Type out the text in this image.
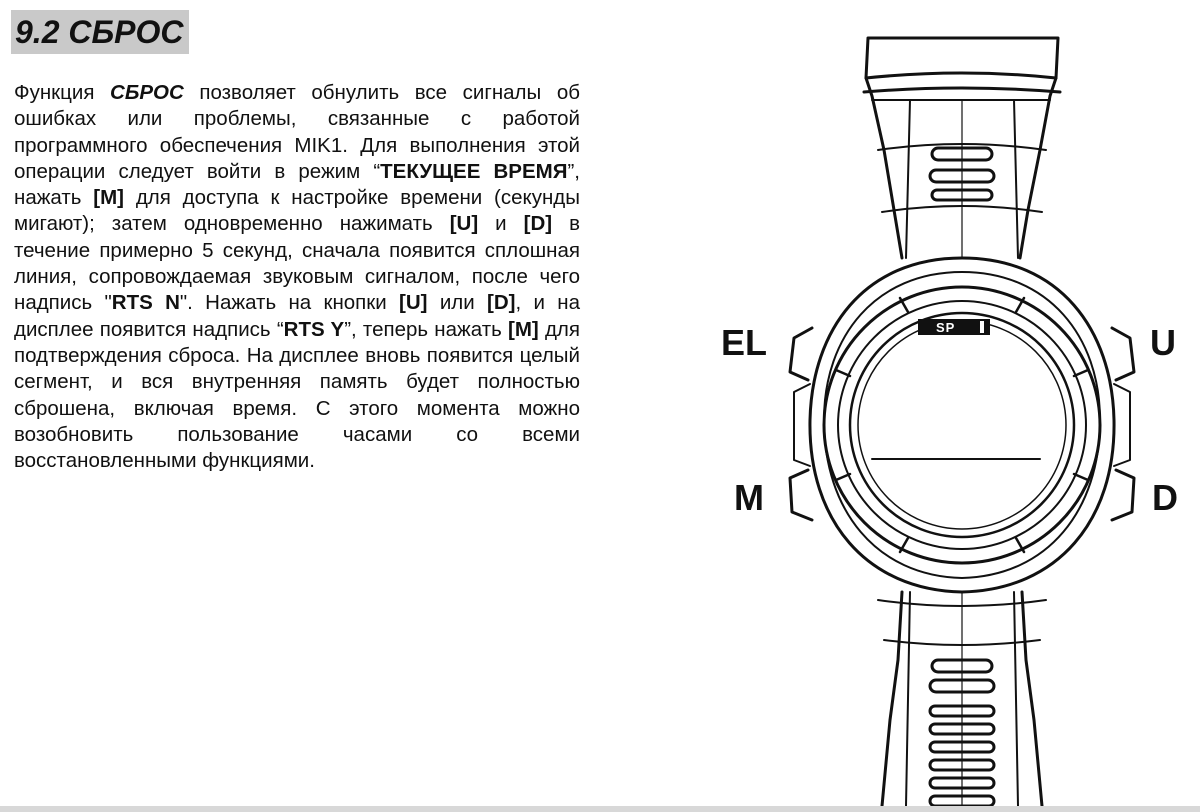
9.2 СБРОС

Функция СБРОС позволяет обнулить все сигналы об ошибках или проблемы, связанные с работой программного обеспечения MIK1. Для выполнения этой операции следует войти в режим “ТЕКУЩЕЕ ВРЕМЯ”, нажать [M] для доступа к настройке времени (секунды мигают); затем одновременно нажимать [U] и [D] в течение примерно 5 секунд, сначала появится сплошная линия, сопровождаемая звуковым сигналом, после чего надпись "RTS N". Нажать на кнопки [U] или [D], и на дисплее появится надпись “RTS Y”, теперь нажать [M] для подтверждения сброса. На дисплее вновь появится целый сегмент, и вся внутренняя память будет полностью сброшена, включая время. С этого момента можно возобновить пользование часами со всеми восстановленными функциями.

EL	U
M	D
SP
